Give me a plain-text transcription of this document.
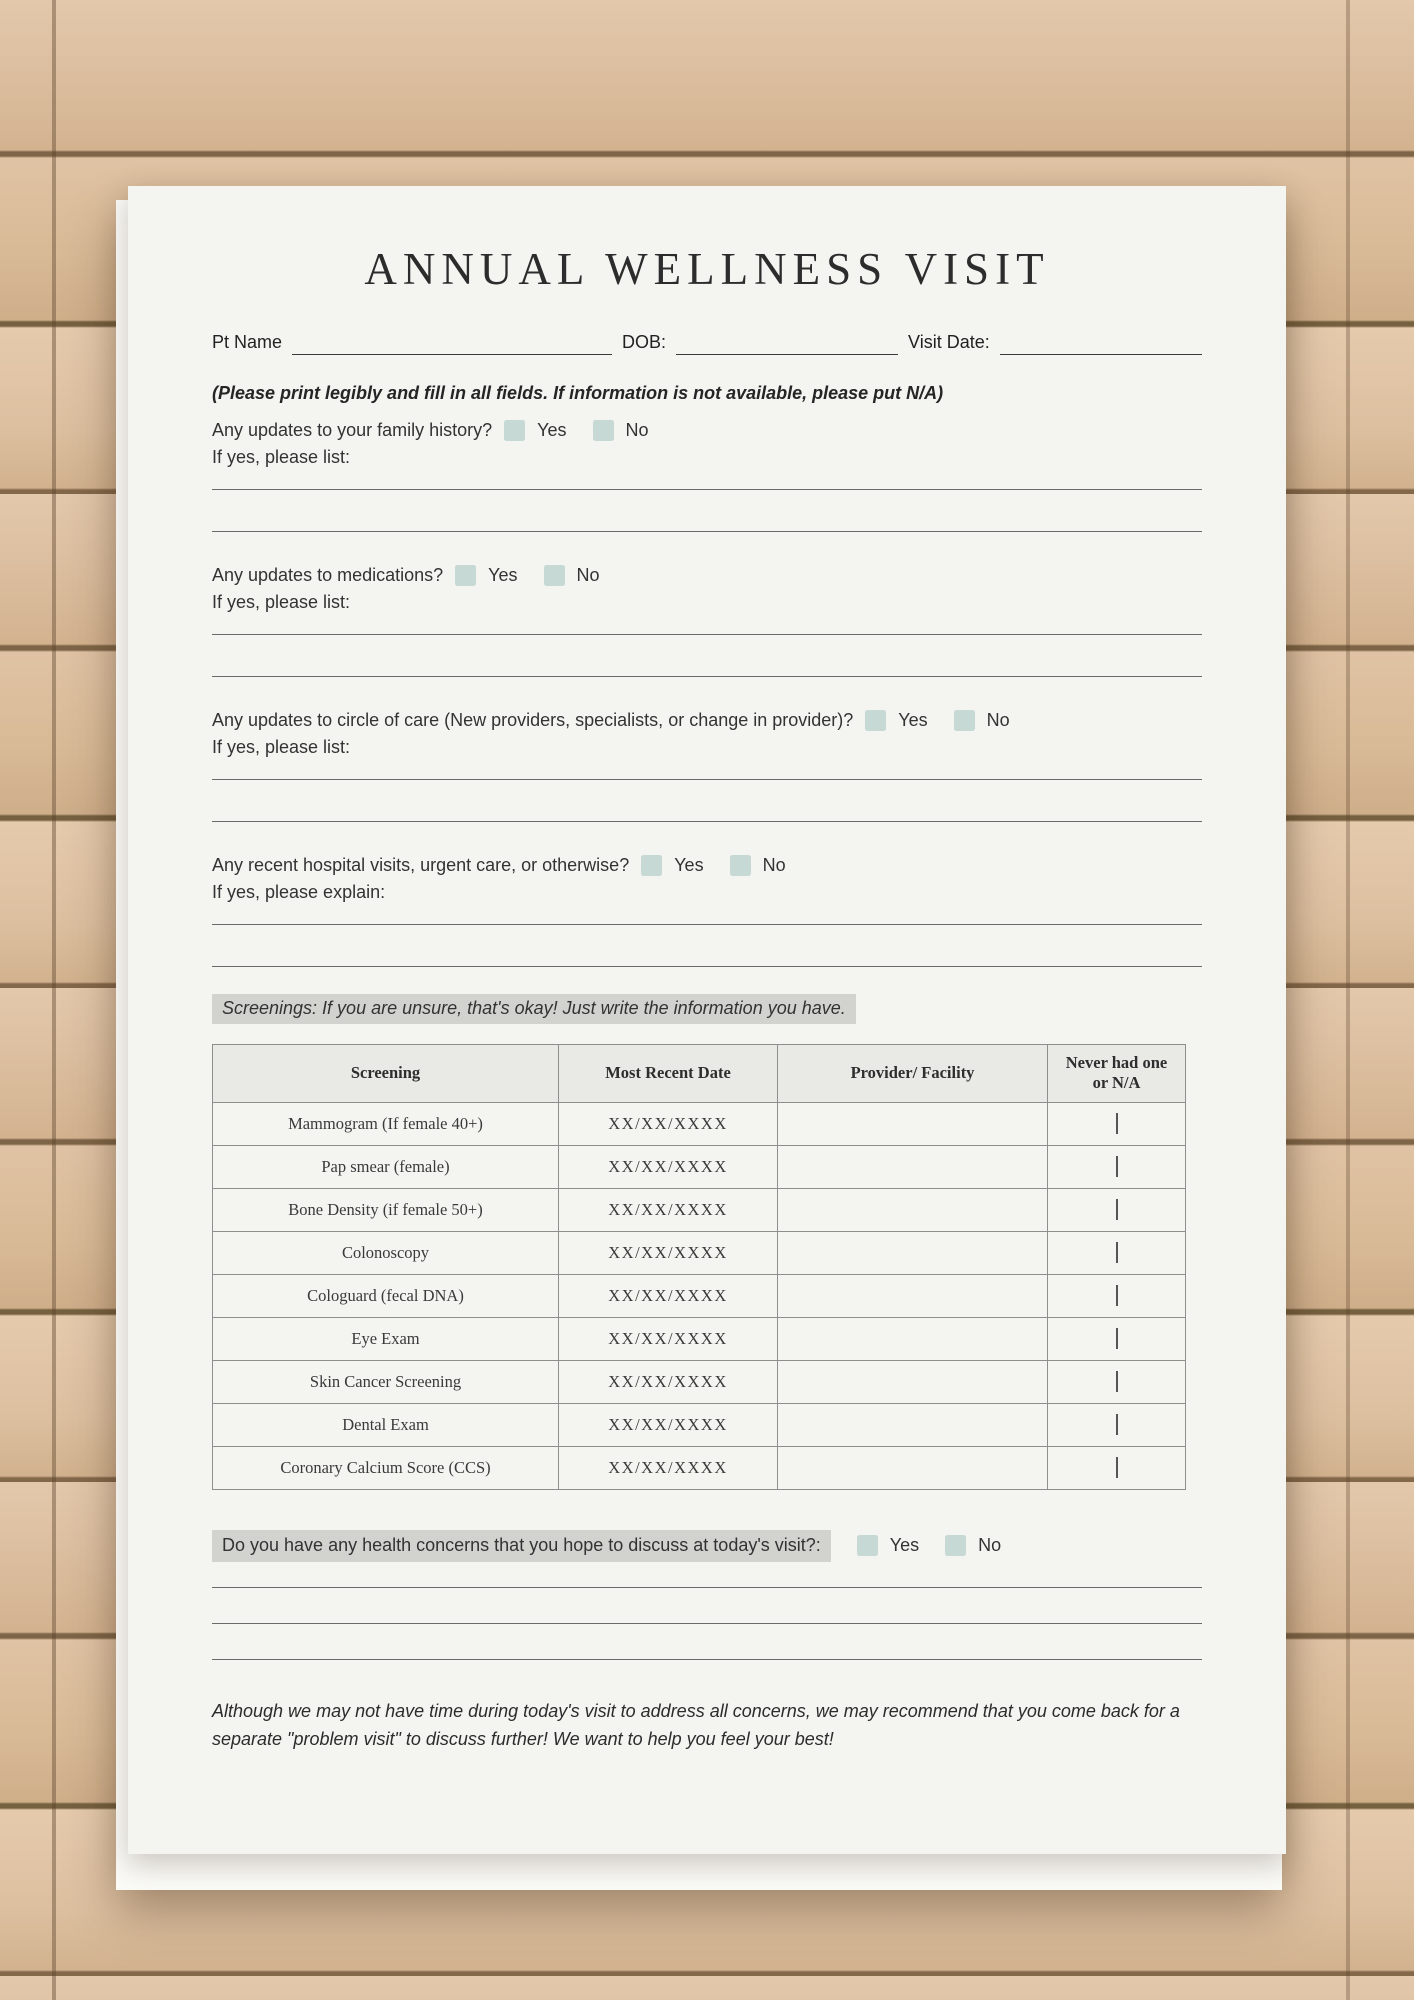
ANNUAL WELLNESS VISIT
Pt Name	DOB:	Visit Date:

(Please print legibly and fill in all fields. If information is not available, please put N/A)

Any updates to your family history?	Yes	No
If yes, please list:
Any updates to medications?	Yes	No
If yes, please list:
Any updates to circle of care (New providers, specialists, or change in provider)?	Yes	No
If yes, please list:
Any recent hospital visits, urgent care, or otherwise?	Yes	No
If yes, please explain:
Screenings: If you are unsure, that's okay! Just write the information you have.
Screening	Most Recent Date	Provider/ Facility	Never had one or N/A
Mammogram (If female 40+)	XX/XX/XXXX		
Pap smear (female)	XX/XX/XXXX		
Bone Density (if female 50+)	XX/XX/XXXX		
Colonoscopy	XX/XX/XXXX		
Cologuard (fecal DNA)	XX/XX/XXXX		
Eye Exam	XX/XX/XXXX		
Skin Cancer Screening	XX/XX/XXXX		
Dental Exam	XX/XX/XXXX		
Coronary Calcium Score (CCS)	XX/XX/XXXX		
Do you have any health concerns that you hope to discuss at today's visit?:	Yes	No

Although we may not have time during today's visit to address all concerns, we may recommend that you come back for a separate "problem visit" to discuss further! We want to help you feel your best!
